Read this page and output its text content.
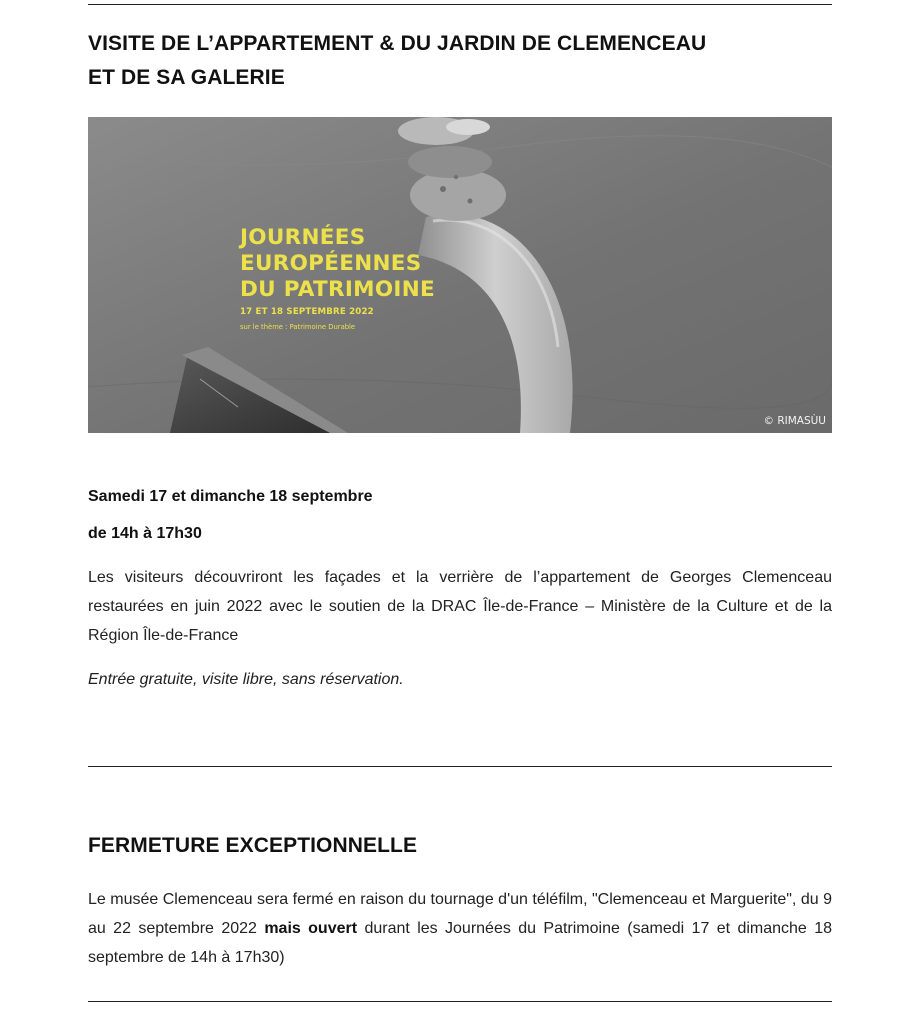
VISITE DE L’APPARTEMENT & DU JARDIN DE CLEMENCEAU
ET DE SA GALERIE
JOURNÉES
EUROPÉENNES
DU PATRIMOINE
17 ET 18 SEPTEMBRE 2022
sur le thème : Patrimoine Durable
© RIMASÙU

Samedi 17 et dimanche 18 septembre

de 14h à 17h30

Les visiteurs découvriront les façades et la verrière de l’appartement de Georges Clemenceau restaurées en juin 2022 avec le soutien de la DRAC Île-de-France – Ministère de la Culture et de la Région Île-de-France

Entrée gratuite, visite libre, sans réservation.

FERMETURE EXCEPTIONNELLE

Le musée Clemenceau sera fermé en raison du tournage d'un téléfilm, "Clemenceau et Marguerite", du 9 au 22 septembre 2022 mais ouvert durant les Journées du Patrimoine (samedi 17 et dimanche 18 septembre de 14h à 17h30)
